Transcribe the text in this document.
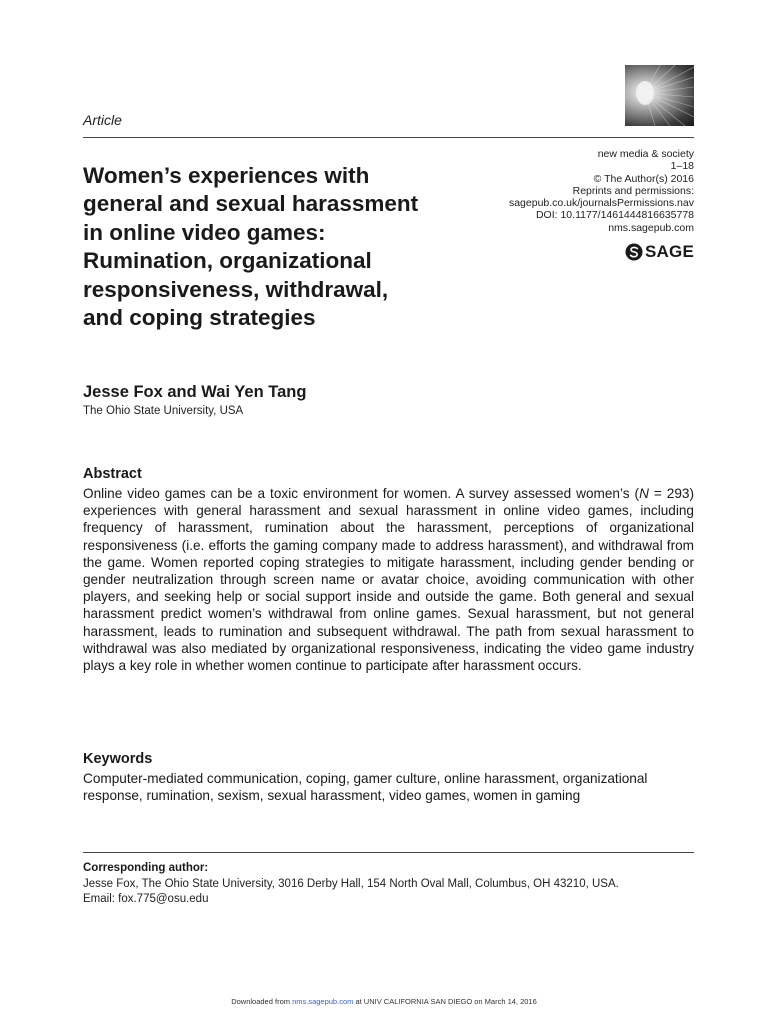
Article
new media & society
1–18
© The Author(s) 2016
Reprints and permissions:
sagepub.co.uk/journalsPermissions.nav
DOI: 10.1177/1461444816635778
nms.sagepub.com
SAGE
Women’s experiences with
general and sexual harassment
in online video games:
Rumination, organizational
responsiveness, withdrawal,
and coping strategies
Jesse Fox and Wai Yen Tang
The Ohio State University, USA
Abstract

Online video games can be a toxic environment for women. A survey assessed women’s (N = 293) experiences with general harassment and sexual harassment in online video games, including frequency of harassment, rumination about the harassment, perceptions of organizational responsiveness (i.e. efforts the gaming company made to address harassment), and withdrawal from the game. Women reported coping strategies to mitigate harassment, including gender bending or gender neutralization through screen name or avatar choice, avoiding communication with other players, and seeking help or social support inside and outside the game. Both general and sexual harassment predict women’s withdrawal from online games. Sexual harassment, but not general harassment, leads to rumination and subsequent withdrawal. The path from sexual harassment to withdrawal was also mediated by organizational responsiveness, indicating the video game industry plays a key role in whether women continue to participate after harassment occurs.

Keywords

Computer-mediated communication, coping, gamer culture, online harassment, organizational response, rumination, sexism, sexual harassment, video games, women in gaming

Corresponding author:
Jesse Fox, The Ohio State University, 3016 Derby Hall, 154 North Oval Mall, Columbus, OH 43210, USA.
Email: fox.775@osu.edu
Downloaded from nms.sagepub.com at UNIV CALIFORNIA SAN DIEGO on March 14, 2016
